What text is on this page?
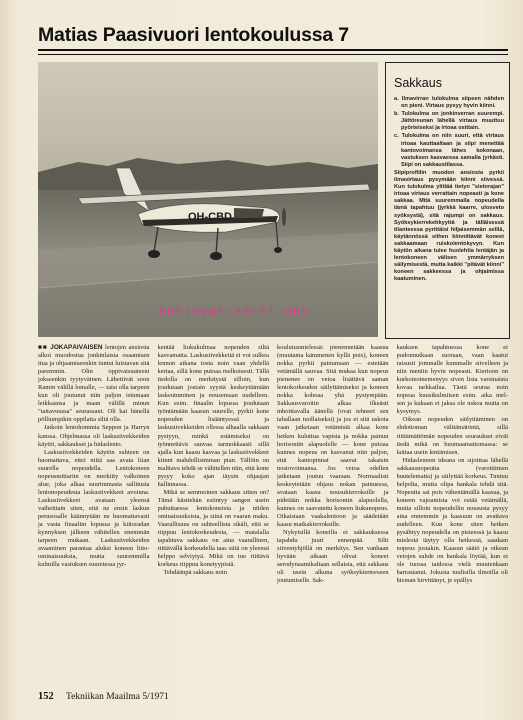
Matias Paasivuori lentokoulussa 7
OH-CBD
Antikvariaatti.net
Sakkaus

a. Ilmavirran tulokulma siipeen nähden on pieni. Virtaus pysyy hyvin kiinni.

b. Tulokulma on jonkinverran suurempi. Jättöreunan lähellä virtaus muuttuu pyörteiseksi ja irtoaa osittain.

c. Tulokulma on niin suuri, että virtaus irtoaa kauttaaltaan ja siipi menettää kantovoimansa lähes kokonaan, vastuksen kasvaessa samalla jyrkästi. Siipi on sakkaustilassa.

Siipiprofiilin muodon ansiosta pyrkii ilmavirtaus pysymään kiinni siivessä. Kun tulokulma ylittää tietyn "sietorajan" irtoaa virtaus verrattain nopeasti ja kone sakkaa. Mitä suuremmalla nopeudella tämä tapahtuu (jyrkkä kaarre, ulosveto syöksystä), sitä rajumpi on sakkaus. Syöksykierrekehkyyttä ja tälläisessä tilanteessa pyrittäisi hiljaisemmän selllä, käytännössä siihen kiinnittävät koneet sakkaamaan ruiskolentokyvyn. Kun käytön aikana tulee huolehtia lentäjän ja lentokoneen välisen ymmärryksen säilymisestä, mutta kaikki "pitävät kiinni" koneen sakkeessa ja ohjaimissa kaatuminen.

■■ JOKAPÄIVÄISEN lentojen ansiosta alkoi muodostua jonkinlaista osaamisen itua ja ohjaamiseenkin tuntui luistavan sitä paremmin. Olin oppivaisuuteeni jokseenkin tyytyväinen. Lähettivät soon Ramin välillä lomalle, — taisi olla tarpeen kun oli joutunut niin paljon istumaan leikkaansa ja maan välillä minun "taitavuussa" seurassani. Oli kai hänellä pölliumpikin oppilaita siltä olla.

Jatkoin lentohommia Seppon ja Harryn kanssa. Ohjelmassa oli laskusiivekkeiden käyttö, sakkaukset ja hidaslento.

Laskusiivekkeiden käytön suhteen on huomattava, ettei niitä saa avata liian suurella nopeudella. Lentokoneen nopeusmittariin on merkitty valkoinen alue, joka alkaa suurimmasta sallitusta lentonopeudesta laskusiivekkeet avoinna. Laskusiivekkeet avataan yleensä vaiheittain siten, että ne ensin laskun perusosalle käännytään ne huomattavasti ja vasta finaaliin lopussa ja kiitoradan kynnyksen jälkeen vähitellen enemmän tarpeen mukaan. Laskusiivekkeiden avaaminen parantaa aluksi koneen liito-ominaisuuksia, mutta suuremmilla kulmilla vastuksen suuretessa jyr-

kentää liukukulmaa nopeuden siltä kasvamatta. Laskusiivekkeitä ei voi sulkea lennon aikana tosta noin vaan yhdellä kertaa, sillä kone putoaa melkoisesti. Tällä tiedolla on merkitystä silloin, kun joudutaan jostain syystä keskeyttämään laskeutuminen ja nousemaan uudelleen. Kun esim. finaalin lopussa joudutaan työntämään kaasun suurelle, pyrkii kone nopeuden lisääntyessä ja laskusiivekkeiden ollessa alhaalla sakkaan pystyyn, minkä estämiseksi on työnnettävä sauvaa tarmokkaasti sillä ajalla kun kaasu kasvaa ja laskusiivekkeet kiinni mahdollisimman pian. Tällöin on malttava tehdä se vähitellen niin, että kone pysyy koko ajan täysin ohjaajan hallinnassa.

Mikä se semmoinen sakkaus sitten on? Tämä käsitehän esiintyy sangen usein puhuttaessa lentokoneista ja niiden ominaisuuksista, ja siinä on vaaran maku. Vaarallisuus on suhteellista sikäli, että se riippuu lentokorkeudesta, — matalalla tapahtuva sakkaus on aina vaarallinen, riittävällä korkeudella taas siitä on yleensä helppo selviytyä. Mikä on tuo riittävä korkeus riippuu konetyypistä.

Tehdäänpä sakkaus noin

koulutusmielessä: pienennetään kaasua (muutama kämmenen kyllä pois), koneen nokka pyrkii painumaan — estetään vetämällä sauvaa. Sitä mukaa kun nopeus pienenee on vetoa lisättävä saman lentokorkeuden säilyttämiseksi ja koneen nokka kohoaa yhä pystympään. Sakkausvaroitin alkaa ilkeästi inhoittavalla äänellä (ovat tehneet sen tahallaan tuollaiseksi) ja jos ei sitä uskota vaan jatketaan vetämistä alkaa kone hetken kuluttua vapista ja nokka painuu horisontin alapuolelle — kone putoaa kunnes nopeus on kasvanut niin paljon, että kantopinnat saavat takaisin nostovoimansa. Jos vetoa odellen jatketaan joutuu vaaraan. Normaalisti keskeytetään ohjaus nokan painuessa, avataan kaasu nousukierroksille ja pidetään nokka horisontin alapuolella, kunnes on saavutettu koneen liukunopeus. Oikaistaan vaakalentoon ja säädetään kaasu matkakierroksille.

Nykyisillä koneilla ei sakkauksessa tapahdu juuri ennenpää. Silti siiventyhjöllä on merkitys. Sen vanhaan hyvään aikaan olivat koneet aerodynaamikaltaan sellaisia, että sakkaus oli usein alkuna syöksykierteeseen joutumiselle. Sak-

kauksen tapahtuessa kone ei pudonnutkaan suoraan, vaan kaatui raisusti jommalle kummalle siivelleen ja niin meniin hyvin nopeasti. Kiertoon on kurkoteoinemenyys siven lista varsinaista kovaa tarkkailua. Tästä seuraa noin nopeaa kuusikulmiisen esim. aika mel- sen ja kukaan ei jaksa ole uskoa mutta on kysymys.

Oikean nopeuden säilyttäminen on ehdottoman välttämätöntä, sillä riittämättömän nopeuden seuraukset eivät tiedä mikä on huomaamattomassa: se laittaa usein lentämisen.

Hidaslennon ideana on sijoittaa lähellä sakkausnopeutta (varoittimen huutelematta) ja säilyttää korkeus. Tuntuu helpolta, mutta olipa hankala tehdä sitä. Nopeutta sai pois vähentämällä kaasua, ja koneen vajoamista voi estää vetämällä, mutta silloin nopeudellin noususta pysyy aina ennemmin ja kaasuun on avattava uudelleen. Kun kone siten hetken pysähtyy nopeudella on pisteessä ja kaasu mielestä täytyy olla hetkessä, saadaan nopeus jostakin. Kaasun säätö ja oikean vetojen suhde on hankala löytää, kun ei ole tuossa taidossa vielä muutenkaan harrastanut. Jokusia tuulisilla ilmoilla oli hieman hirvittänyt, je epällys

152 Tekniikan Maailma 5/1971
